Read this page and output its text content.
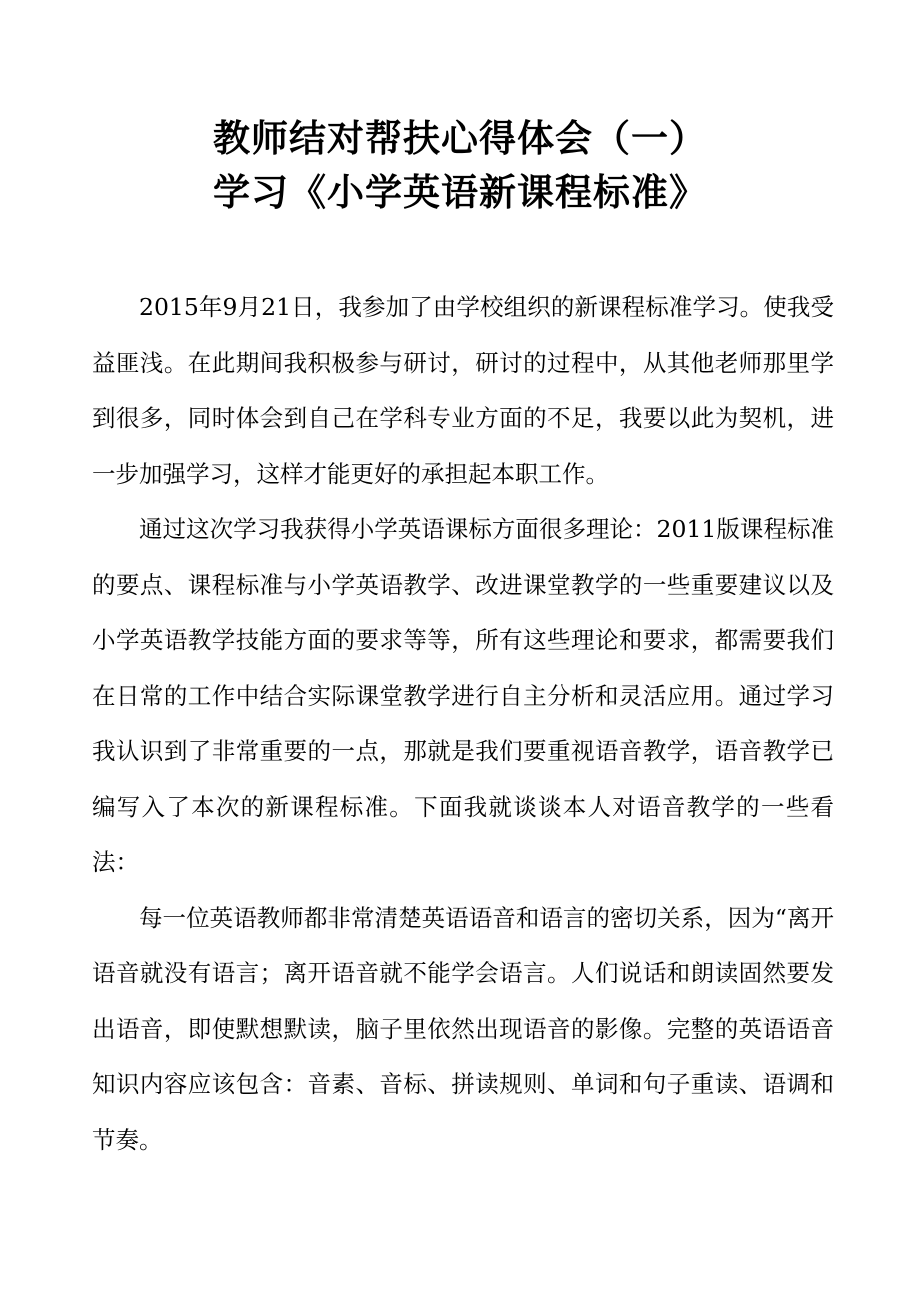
教师结对帮扶心得体会（一）
学习《小学英语新课程标准》

2015年9月21日，我参加了由学校组织的新课程标准学习。使我受益匪浅。在此期间我积极参与研讨，研讨的过程中，从其他老师那里学到很多，同时体会到自己在学科专业方面的不足，我要以此为契机，进一步加强学习，这样才能更好的承担起本职工作。

通过这次学习我获得小学英语课标方面很多理论：2011版课程标准的要点、课程标准与小学英语教学、改进课堂教学的一些重要建议以及小学英语教学技能方面的要求等等，所有这些理论和要求，都需要我们在日常的工作中结合实际课堂教学进行自主分析和灵活应用。通过学习我认识到了非常重要的一点，那就是我们要重视语音教学，语音教学已编写入了本次的新课程标准。下面我就谈谈本人对语音教学的一些看法：

每一位英语教师都非常清楚英语语音和语言的密切关系，因为“离开语音就没有语言；离开语音就不能学会语言。人们说话和朗读固然要发出语音，即使默想默读，脑子里依然出现语音的影像。完整的英语语音知识内容应该包含：音素、音标、拼读规则、单词和句子重读、语调和节奏。
